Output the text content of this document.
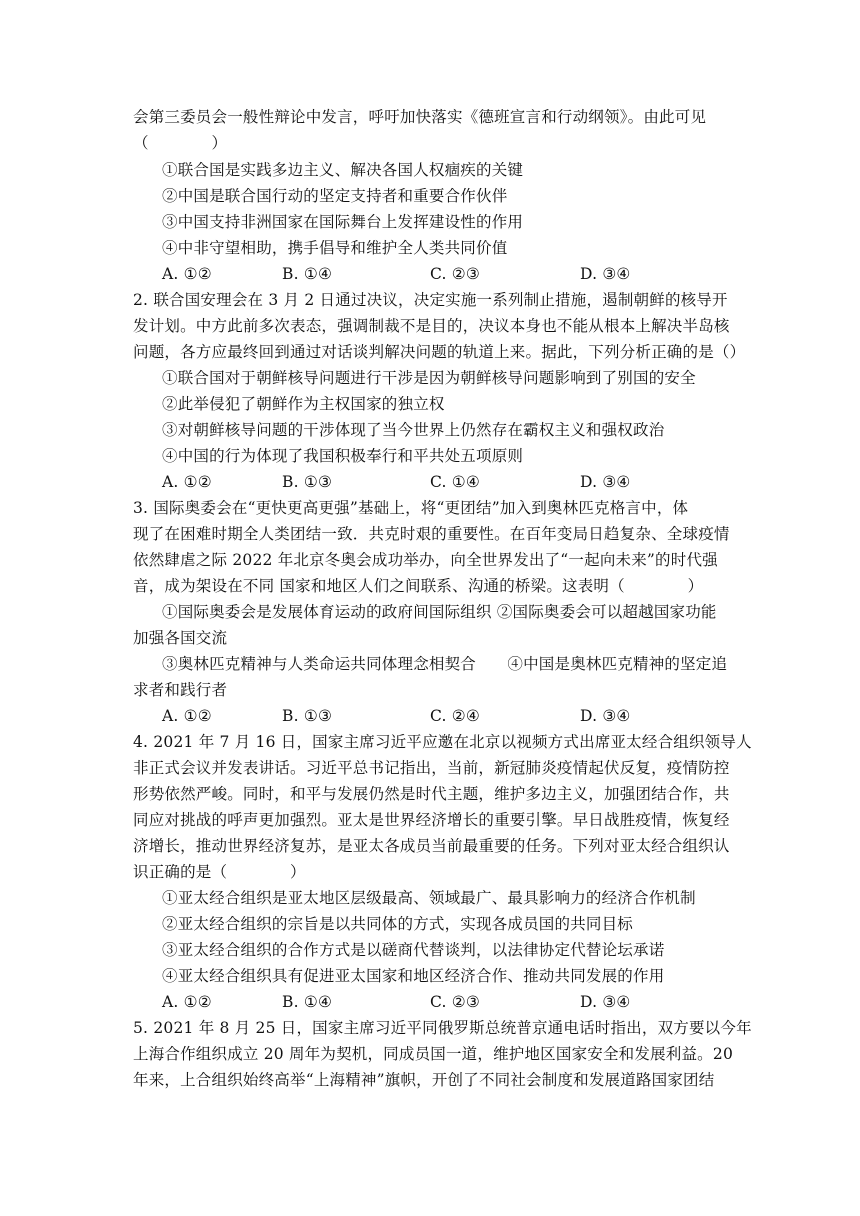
会第三委员会一般性辩论中发言，呼吁加快落实《德班宣言和行动纲领》。由此可见
（　　　　）
①联合国是实践多边主义、解决各国人权痼疾的关键
②中国是联合国行动的坚定支持者和重要合作伙伴
③中国支持非洲国家在国际舞台上发挥建设性的作用
④中非守望相助，携手倡导和维护全人类共同价值
A. ①②	B. ①④	C. ②③	D. ③④
2. 联合国安理会在 3 月 2 日通过决议，决定实施一系列制止措施，遏制朝鲜的核导开
发计划。中方此前多次表态，强调制裁不是目的，决议本身也不能从根本上解决半岛核
问题，各方应最终回到通过对话谈判解决问题的轨道上来。据此，下列分析正确的是（）
①联合国对于朝鲜核导问题进行干涉是因为朝鲜核导问题影响到了别国的安全
②此举侵犯了朝鲜作为主权国家的独立权
③对朝鲜核导问题的干涉体现了当今世界上仍然存在霸权主义和强权政治
④中国的行为体现了我国积极奉行和平共处五项原则
A. ①②	B. ①③	C. ①④	D. ③④
3. 国际奥委会在“更快更高更强”基础上，将“更团结”加入到奥林匹克格言中，体
现了在困难时期全人类团结一致．共克时艰的重要性。在百年变局日趋复杂、全球疫情
依然肆虐之际 2022 年北京冬奥会成功举办，向全世界发出了“一起向未来”的时代强
音，成为架设在不同 国家和地区人们之间联系、沟通的桥梁。这表明（　　　　）
①国际奥委会是发展体育运动的政府间国际组织 ②国际奥委会可以超越国家功能
加强各国交流
③奥林匹克精神与人类命运共同体理念相契合　　④中国是奥林匹克精神的坚定追
求者和践行者
A. ①②	B. ①③	C. ②④	D. ③④
4. 2021 年 7 月 16 日，国家主席习近平应邀在北京以视频方式出席亚太经合组织领导人
非正式会议并发表讲话。习近平总书记指出，当前，新冠肺炎疫情起伏反复，疫情防控
形势依然严峻。同时，和平与发展仍然是时代主题，维护多边主义，加强团结合作，共
同应对挑战的呼声更加强烈。亚太是世界经济增长的重要引擎。早日战胜疫情，恢复经
济增长，推动世界经济复苏，是亚太各成员当前最重要的任务。下列对亚太经合组织认
识正确的是（　　　　）
①亚太经合组织是亚太地区层级最高、领域最广、最具影响力的经济合作机制
②亚太经合组织的宗旨是以共同体的方式，实现各成员国的共同目标
③亚太经合组织的合作方式是以磋商代替谈判，以法律协定代替论坛承诺
④亚太经合组织具有促进亚太国家和地区经济合作、推动共同发展的作用
A. ①②	B. ①④	C. ②③	D. ③④
5. 2021 年 8 月 25 日，国家主席习近平同俄罗斯总统普京通电话时指出，双方要以今年
上海合作组织成立 20 周年为契机，同成员国一道，维护地区国家安全和发展利益。20
年来，上合组织始终高举“上海精神”旗帜，开创了不同社会制度和发展道路国家团结
